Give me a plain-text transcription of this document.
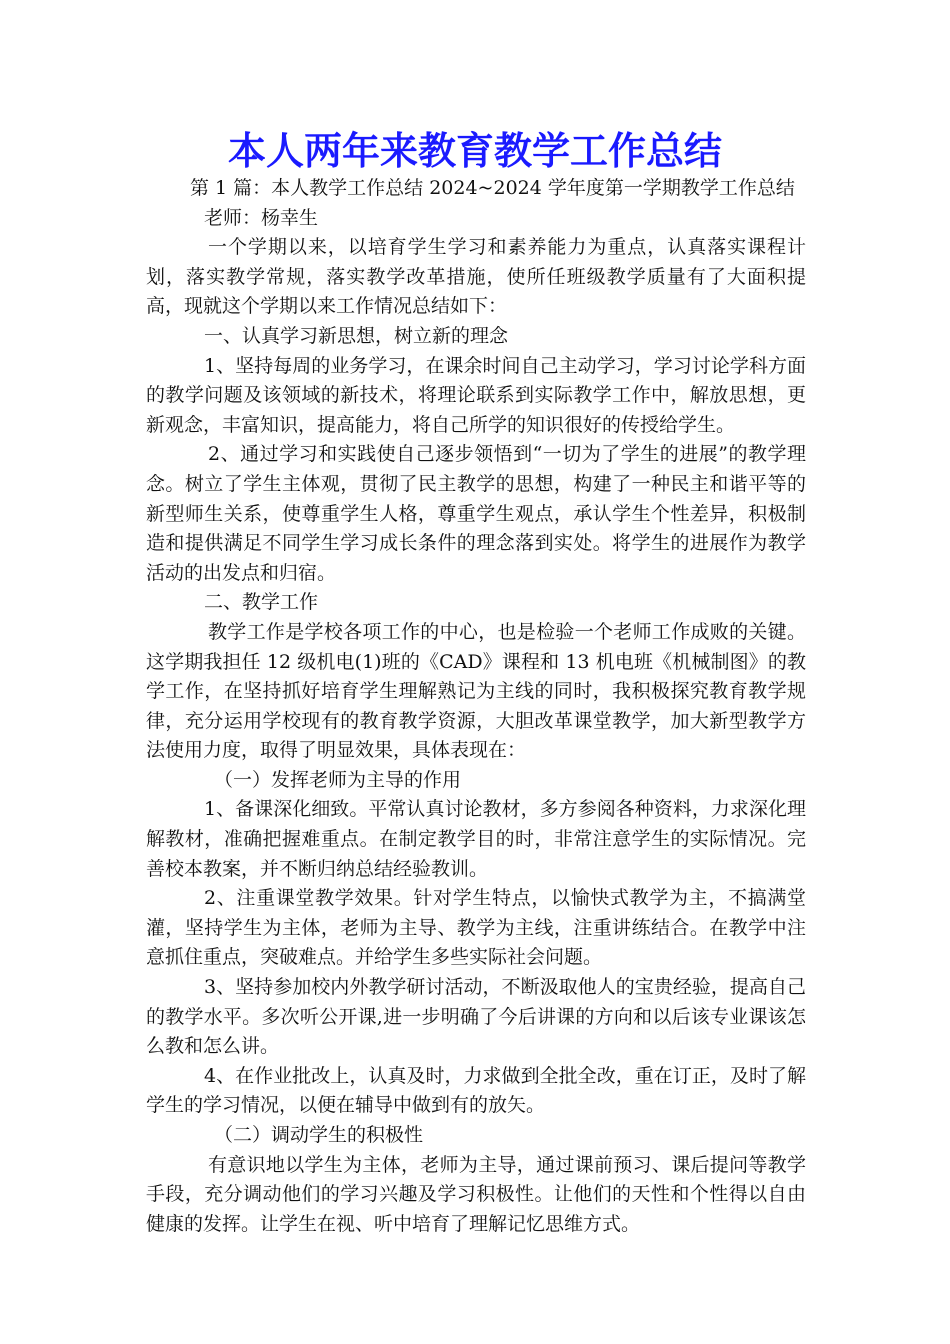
本人两年来教育教学工作总结

第 1 篇：本人教学工作总结 2024~2024 学年度第一学期教学工作总结

老师：杨幸生

一个学期以来，以培育学生学习和素养能力为重点，认真落实课程计划，落实教学常规，落实教学改革措施，使所任班级教学质量有了大面积提高，现就这个学期以来工作情况总结如下：

一、认真学习新思想，树立新的理念

1、坚持每周的业务学习，在课余时间自己主动学习，学习讨论学科方面的教学问题及该领域的新技术，将理论联系到实际教学工作中，解放思想，更新观念，丰富知识，提高能力，将自己所学的知识很好的传授给学生。

2、通过学习和实践使自己逐步领悟到“一切为了学生的进展”的教学理念。树立了学生主体观，贯彻了民主教学的思想，构建了一种民主和谐平等的新型师生关系，使尊重学生人格，尊重学生观点，承认学生个性差异，积极制造和提供满足不同学生学习成长条件的理念落到实处。将学生的进展作为教学活动的出发点和归宿。

二、教学工作

教学工作是学校各项工作的中心，也是检验一个老师工作成败的关键。这学期我担任 12 级机电(1)班的《CAD》课程和 13 机电班《机械制图》的教学工作，在坚持抓好培育学生理解熟记为主线的同时，我积极探究教育教学规律，充分运用学校现有的教育教学资源，大胆改革课堂教学，加大新型教学方法使用力度，取得了明显效果，具体表现在：

（一）发挥老师为主导的作用

1、备课深化细致。平常认真讨论教材，多方参阅各种资料，力求深化理解教材，准确把握难重点。在制定教学目的时，非常注意学生的实际情况。完善校本教案，并不断归纳总结经验教训。

2、注重课堂教学效果。针对学生特点，以愉快式教学为主，不搞满堂灌，坚持学生为主体，老师为主导、教学为主线，注重讲练结合。在教学中注意抓住重点，突破难点。并给学生多些实际社会问题。

3、坚持参加校内外教学研讨活动，不断汲取他人的宝贵经验，提高自己的教学水平。多次听公开课,进一步明确了今后讲课的方向和以后该专业课该怎么教和怎么讲。

4、在作业批改上，认真及时，力求做到全批全改，重在订正，及时了解学生的学习情况，以便在辅导中做到有的放矢。

（二）调动学生的积极性

有意识地以学生为主体，老师为主导，通过课前预习、课后提问等教学手段，充分调动他们的学习兴趣及学习积极性。让他们的天性和个性得以自由健康的发挥。让学生在视、听中培育了理解记忆思维方式。
